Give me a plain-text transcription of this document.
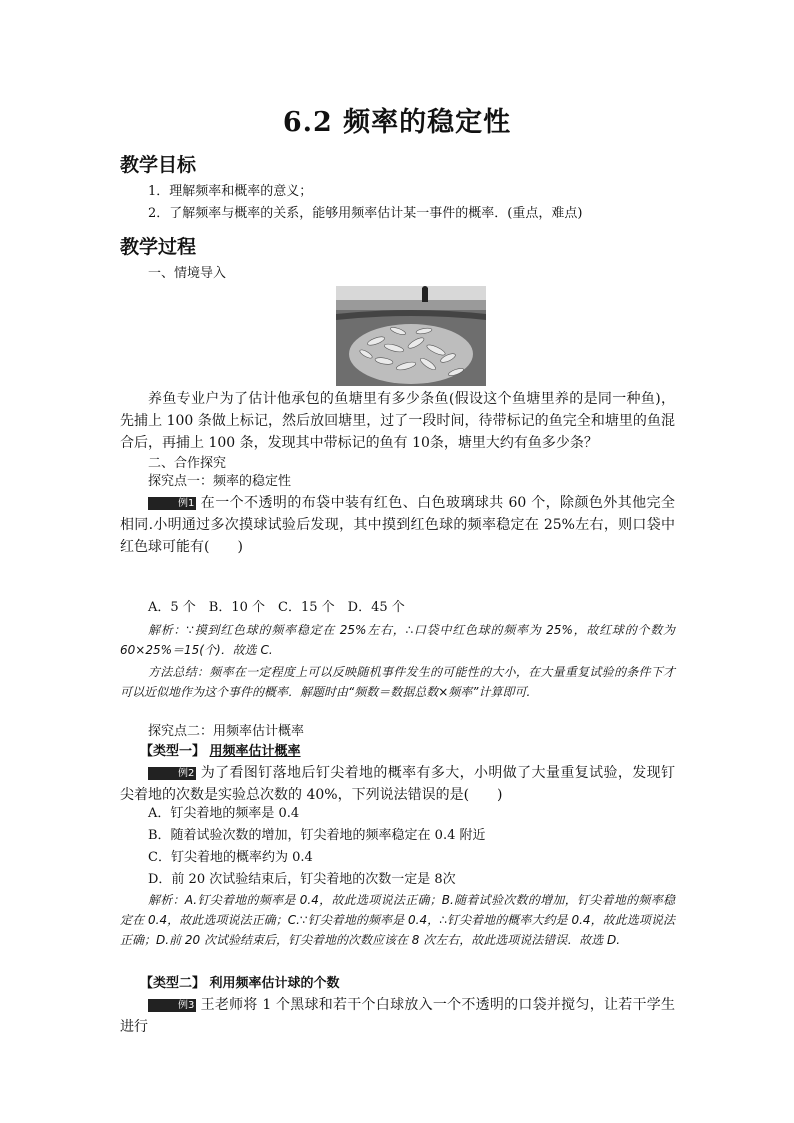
6.2 频率的稳定性
教学目标
1．理解频率和概率的意义；
2．了解频率与概率的关系，能够用频率估计某一事件的概率．(重点，难点)
教学过程
一、情境导入
养鱼专业户为了估计他承包的鱼塘里有多少条鱼(假设这个鱼塘里养的是同一种鱼)，先捕上 100 条做上标记，然后放回塘里，过了一段时间，待带标记的鱼完全和塘里的鱼混合后，再捕上 100 条，发现其中带标记的鱼有 10条，塘里大约有鱼多少条？
二、合作探究
探究点一：频率的稳定性
例1 在一个不透明的布袋中装有红色、白色玻璃球共 60 个，除颜色外其他完全相同.小明通过多次摸球试验后发现，其中摸到红色球的频率稳定在 25%左右，则口袋中红色球可能有(　　)
A．5 个　B．10 个　C．15 个　D．45 个
解析：∵摸到红色球的频率稳定在 25%左右，∴口袋中红色球的频率为 25%，故红球的个数为 60×25%＝15(个)．故选 C.
方法总结：频率在一定程度上可以反映随机事件发生的可能性的大小，在大量重复试验的条件下才可以近似地作为这个事件的概率．解题时由“频数＝数据总数×频率”计算即可.
探究点二：用频率估计概率
【类型一】 用频率估计概率
例2 为了看图钉落地后钉尖着地的概率有多大，小明做了大量重复试验，发现钉尖着地的次数是实验总次数的 40%，下列说法错误的是(　　)
A．钉尖着地的频率是 0.4
B．随着试验次数的增加，钉尖着地的频率稳定在 0.4 附近
C．钉尖着地的概率约为 0.4
D．前 20 次试验结束后，钉尖着地的次数一定是 8次
解析：A.钉尖着地的频率是 0.4，故此选项说法正确；B.随着试验次数的增加，钉尖着地的频率稳定在 0.4，故此选项说法正确；C.∵钉尖着地的频率是 0.4，∴钉尖着地的概率大约是 0.4，故此选项说法正确；D.前 20 次试验结束后，钉尖着地的次数应该在 8 次左右，故此选项说法错误．故选 D.
【类型二】 利用频率估计球的个数
例3 王老师将 1 个黑球和若干个白球放入一个不透明的口袋并搅匀，让若干学生进行
